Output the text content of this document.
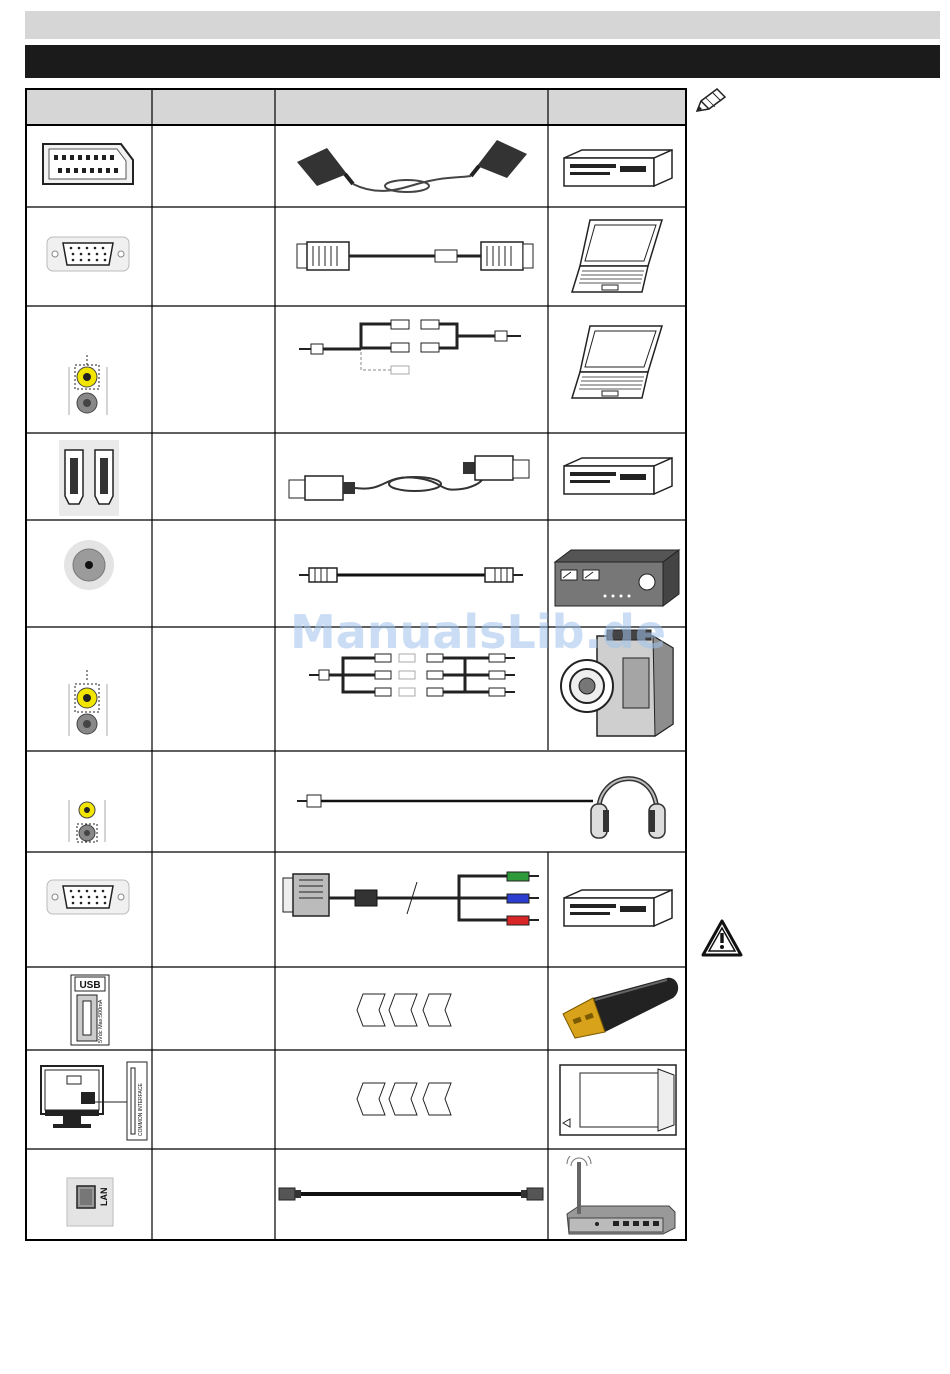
USB
5Vdc Max:500mA
COMMON INTERFACE
LAN
ManualsLib.de
